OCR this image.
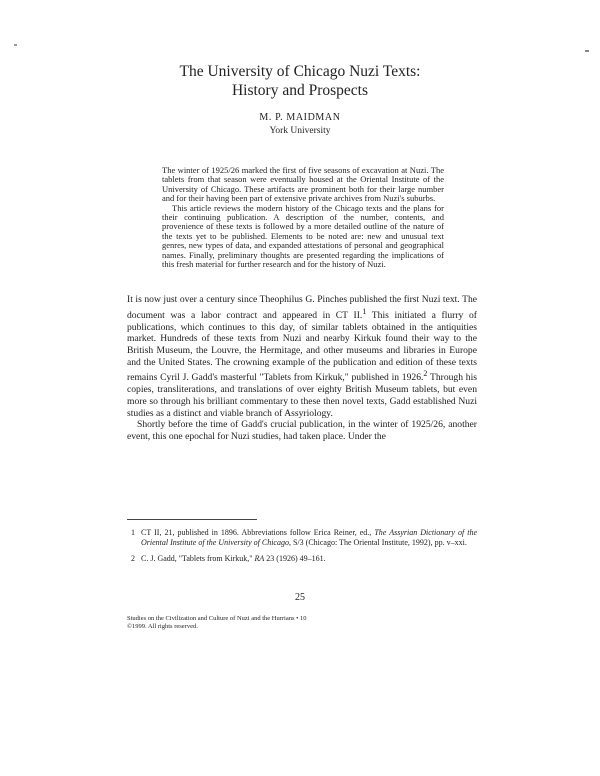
The University of Chicago Nuzi Texts:
History and Prospects
M. P. MAIDMAN
York University

The winter of 1925/26 marked the first of five seasons of excavation at Nuzi. The tablets from that season were eventually housed at the Oriental Institute of the University of Chicago. These artifacts are prominent both for their large number and for their having been part of extensive private archives from Nuzi's suburbs.

This article reviews the modern history of the Chicago texts and the plans for their continuing publication. A description of the number, contents, and provenience of these texts is followed by a more detailed outline of the nature of the texts yet to be published. Elements to be noted are: new and unusual text genres, new types of data, and expanded attestations of personal and geographical names. Finally, preliminary thoughts are presented regarding the implications of this fresh material for further research and for the history of Nuzi.

It is now just over a century since Theophilus G. Pinches published the first Nuzi text. The document was a labor contract and appeared in CT II.$^1$ This initiated a flurry of publications, which continues to this day, of similar tablets obtained in the antiquities market. Hundreds of these texts from Nuzi and nearby Kirkuk found their way to the British Museum, the Louvre, the Hermitage, and other museums and libraries in Europe and the United States. The crowning example of the publication and edition of these texts remains Cyril J. Gadd's masterful "Tablets from Kirkuk," published in 1926.$^2$ Through his copies, transliterations, and translations of over eighty British Museum tablets, but even more so through his brilliant commentary to these then novel texts, Gadd established Nuzi studies as a distinct and viable branch of Assyriology.

Shortly before the time of Gadd's crucial publication, in the winter of 1925/26, another event, this one epochal for Nuzi studies, had taken place. Under the

1 CT II, 21, published in 1896. Abbreviations follow Erica Reiner, ed., The Assyrian Dictionary of the Oriental Institute of the University of Chicago, S/3 (Chicago: The Oriental Institute, 1992), pp. v–xxi.
2 C. J. Gadd, "Tablets from Kirkuk," RA 23 (1926) 49–161.
25
Studies on the Civilization and Culture of Nuzi and the Hurrians • 10
©1999. All rights reserved.
